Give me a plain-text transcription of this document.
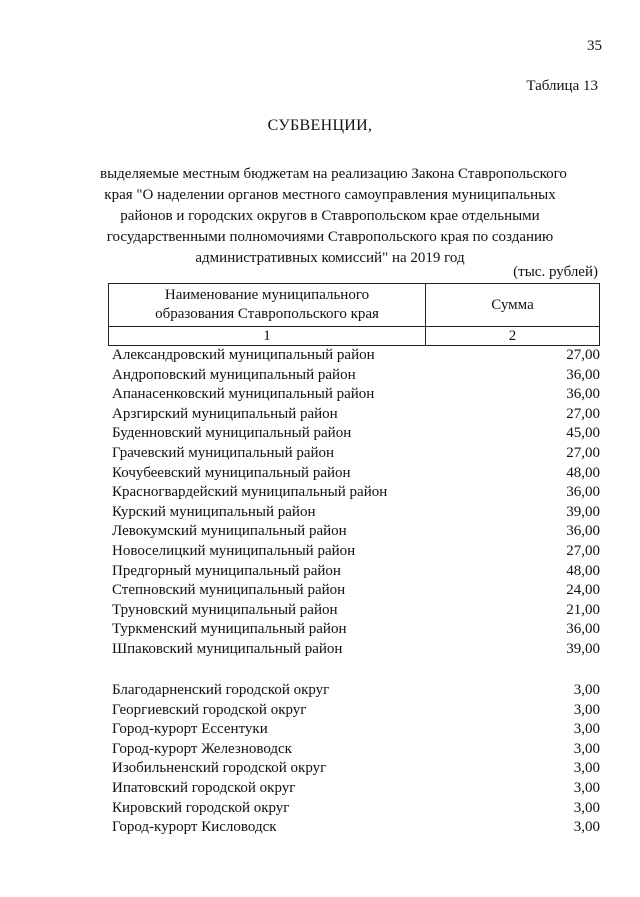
35
Таблица 13
СУБВЕНЦИИ,
выделяемые местным бюджетам на реализацию Закона Ставропольского
края "О наделении органов местного самоуправления муниципальных
районов и городских округов в Ставропольском крае отдельными
государственными полномочиями Ставропольского края по созданию
административных комиссий" на 2019 год
(тыс. рублей)
Наименование муниципального
образования Ставропольского края	Сумма
1	2
Александровский муниципальный район	27,00
Андроповский муниципальный район	36,00
Апанасенковский муниципальный район	36,00
Арзгирский муниципальный район	27,00
Буденновский муниципальный район	45,00
Грачевский муниципальный район	27,00
Кочубеевский муниципальный район	48,00
Красногвардейский муниципальный район	36,00
Курский муниципальный район	39,00
Левокумский муниципальный район	36,00
Новоселицкий муниципальный район	27,00
Предгорный муниципальный район	48,00
Степновский муниципальный район	24,00
Труновский муниципальный район	21,00
Туркменский муниципальный район	36,00
Шпаковский муниципальный район	39,00
Благодарненский городской округ	3,00
Георгиевский городской округ	3,00
Город-курорт Ессентуки	3,00
Город-курорт Железноводск	3,00
Изобильненский городской округ	3,00
Ипатовский городской округ	3,00
Кировский городской округ	3,00
Город-курорт Кисловодск	3,00
